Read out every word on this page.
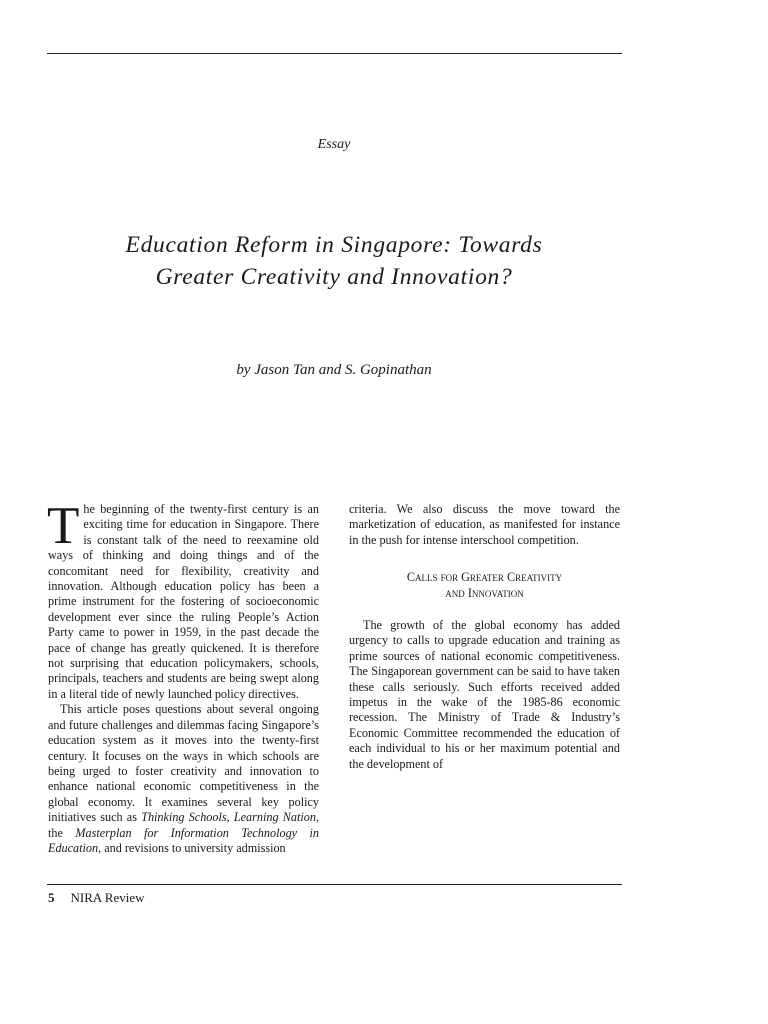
Essay
Education Reform in Singapore: Towards
Greater Creativity and Innovation?
by Jason Tan and S. Gopinathan

The beginning of the twenty-first century is an exciting time for education in Singapore. There is constant talk of the need to reexamine old ways of thinking and doing things and of the concomitant need for flexibility, creativity and innovation. Although education policy has been a prime instrument for the fostering of socioeconomic development ever since the ruling People’s Action Party came to power in 1959, in the past decade the pace of change has greatly quickened. It is therefore not surprising that education policymakers, schools, principals, teachers and students are being swept along in a literal tide of newly launched policy directives.

This article poses questions about several ongoing and future challenges and dilemmas facing Singapore’s education system as it moves into the twenty-first century. It focuses on the ways in which schools are being urged to foster creativity and innovation to enhance national economic competitiveness in the global economy. It examines several key policy initiatives such as Thinking Schools, Learning Nation, the Masterplan for Information Technology in Education, and revisions to university admission

criteria. We also discuss the move toward the marketization of education, as manifested for instance in the push for intense interschool competition.

Calls for Greater Creativity
and Innovation

The growth of the global economy has added urgency to calls to upgrade education and training as prime sources of national economic competitiveness. The Singaporean government can be said to have taken these calls seriously. Such efforts received added impetus in the wake of the 1985-86 economic recession. The Ministry of Trade & Industry’s Economic Committee recommended the education of each individual to his or her maximum potential and the development of

5 NIRA Review
